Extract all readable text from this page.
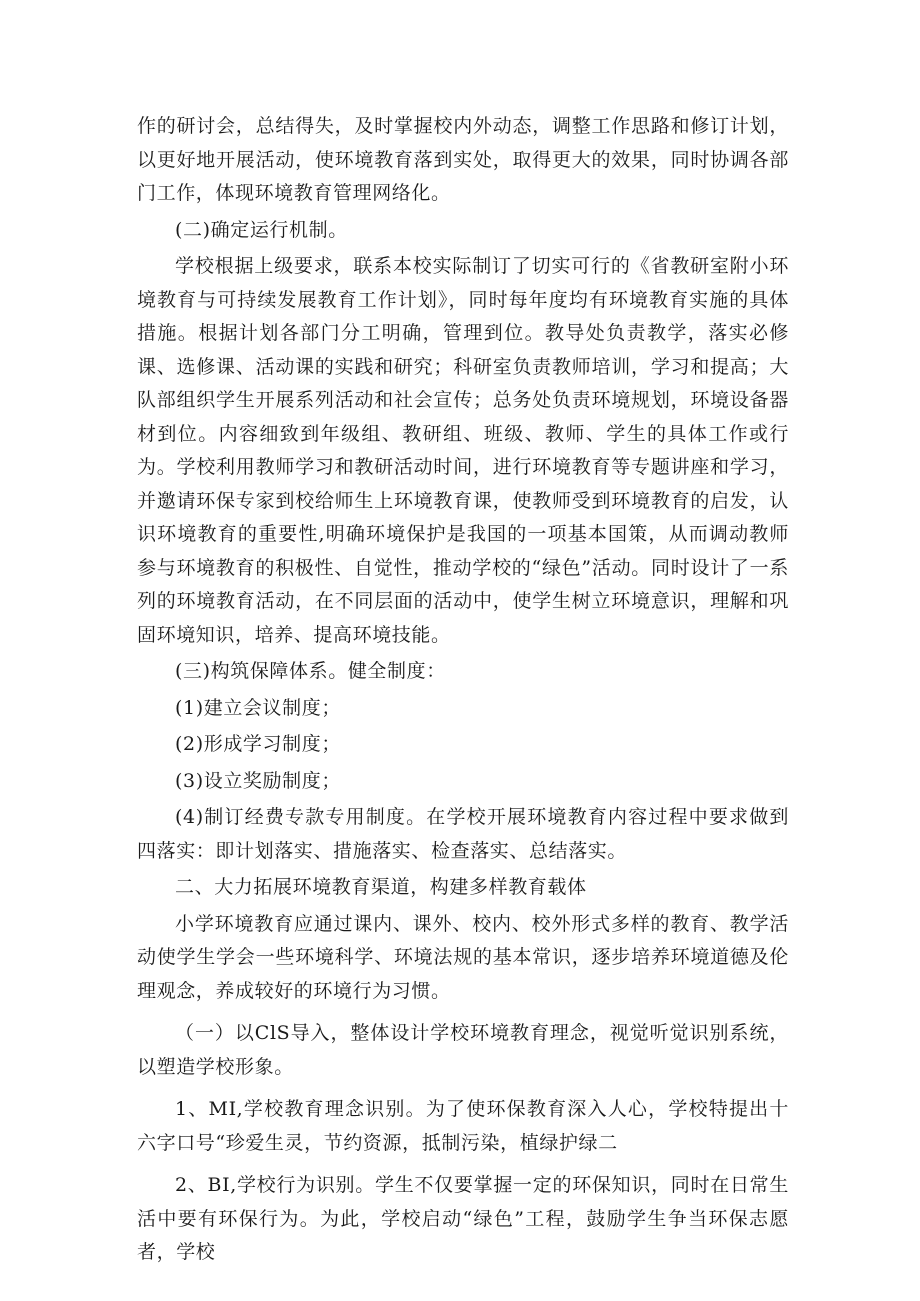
作的研讨会，总结得失，及时掌握校内外动态，调整工作思路和修订计划，以更好地开展活动，使环境教育落到实处，取得更大的效果，同时协调各部门工作，体现环境教育管理网络化。

(二)确定运行机制。

学校根据上级要求，联系本校实际制订了切实可行的《省教研室附小环境教育与可持续发展教育工作计划》，同时每年度均有环境教育实施的具体措施。根据计划各部门分工明确，管理到位。教导处负责教学，落实必修课、选修课、活动课的实践和研究；科研室负责教师培训，学习和提高；大队部组织学生开展系列活动和社会宣传；总务处负责环境规划，环境设备器材到位。内容细致到年级组、教研组、班级、教师、学生的具体工作或行为。学校利用教师学习和教研活动时间，进行环境教育等专题讲座和学习，并邀请环保专家到校给师生上环境教育课，使教师受到环境教育的启发，认识环境教育的重要性,明确环境保护是我国的一项基本国策，从而调动教师参与环境教育的积极性、自觉性，推动学校的“绿色”活动。同时设计了一系列的环境教育活动，在不同层面的活动中，使学生树立环境意识，理解和巩固环境知识，培养、提高环境技能。

(三)构筑保障体系。健全制度：

(1)建立会议制度；

(2)形成学习制度；

(3)设立奖励制度；

(4)制订经费专款专用制度。在学校开展环境教育内容过程中要求做到四落实：即计划落实、措施落实、检查落实、总结落实。

二、大力拓展环境教育渠道，构建多样教育载体

小学环境教育应通过课内、课外、校内、校外形式多样的教育、教学活动使学生学会一些环境科学、环境法规的基本常识，逐步培养环境道德及伦理观念，养成较好的环境行为习惯。

（一）以ClS导入，整体设计学校环境教育理念，视觉听觉识别系统，以塑造学校形象。

1、MI,学校教育理念识别。为了使环保教育深入人心，学校特提出十六字口号“珍爱生灵，节约资源，抵制污染，植绿护绿二

2、BI,学校行为识别。学生不仅要掌握一定的环保知识，同时在日常生活中要有环保行为。为此，学校启动“绿色”工程，鼓励学生争当环保志愿者，学校
